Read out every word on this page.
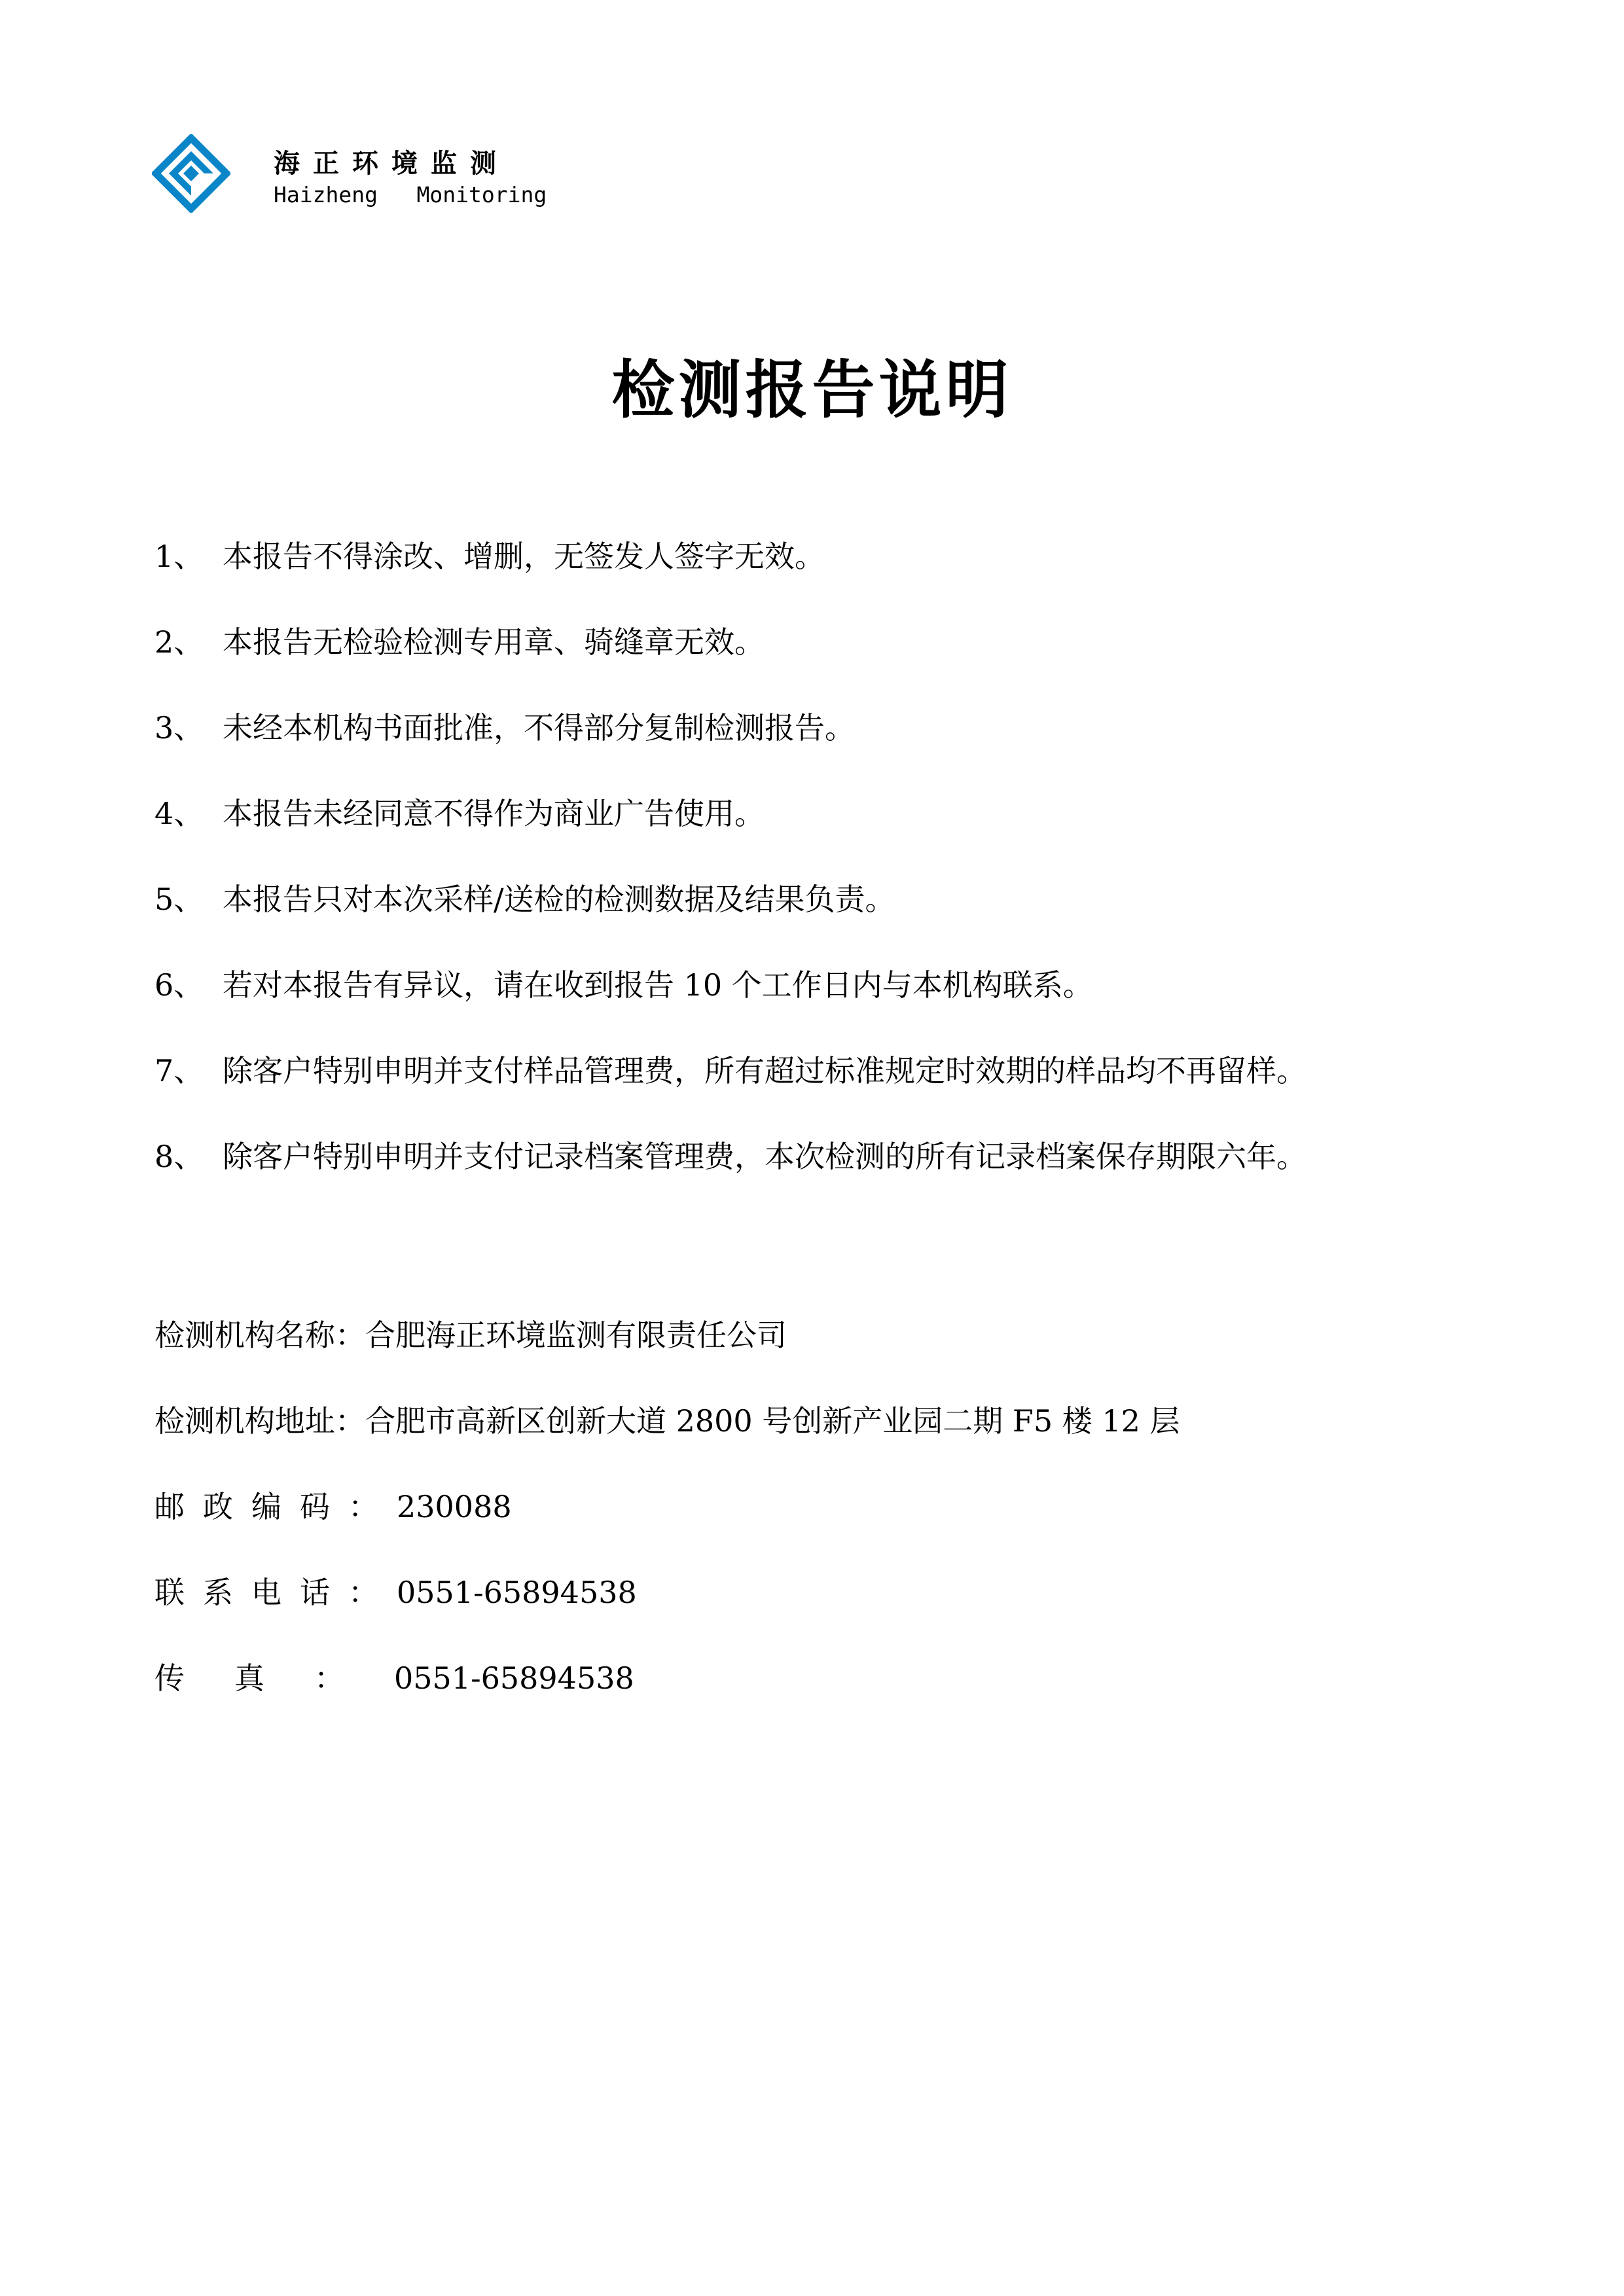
海正环境监测
Haizheng   Monitoring
检测报告说明
1、 本报告不得涂改、增删，无签发人签字无效。
2、 本报告无检验检测专用章、骑缝章无效。
3、 未经本机构书面批准，不得部分复制检测报告。
4、 本报告未经同意不得作为商业广告使用。
5、 本报告只对本次采样/送检的检测数据及结果负责。
6、 若对本报告有异议，请在收到报告 10 个工作日内与本机构联系。
7、 除客户特别申明并支付样品管理费，所有超过标准规定时效期的样品均不再留样。
8、 除客户特别申明并支付记录档案管理费，本次检测的所有记录档案保存期限六年。
检测机构名称：合肥海正环境监测有限责任公司
检测机构地址：合肥市高新区创新大道 2800 号创新产业园二期 F5 楼 12 层
邮政编码：230088
联系电话：0551-65894538
传真：0551-65894538
